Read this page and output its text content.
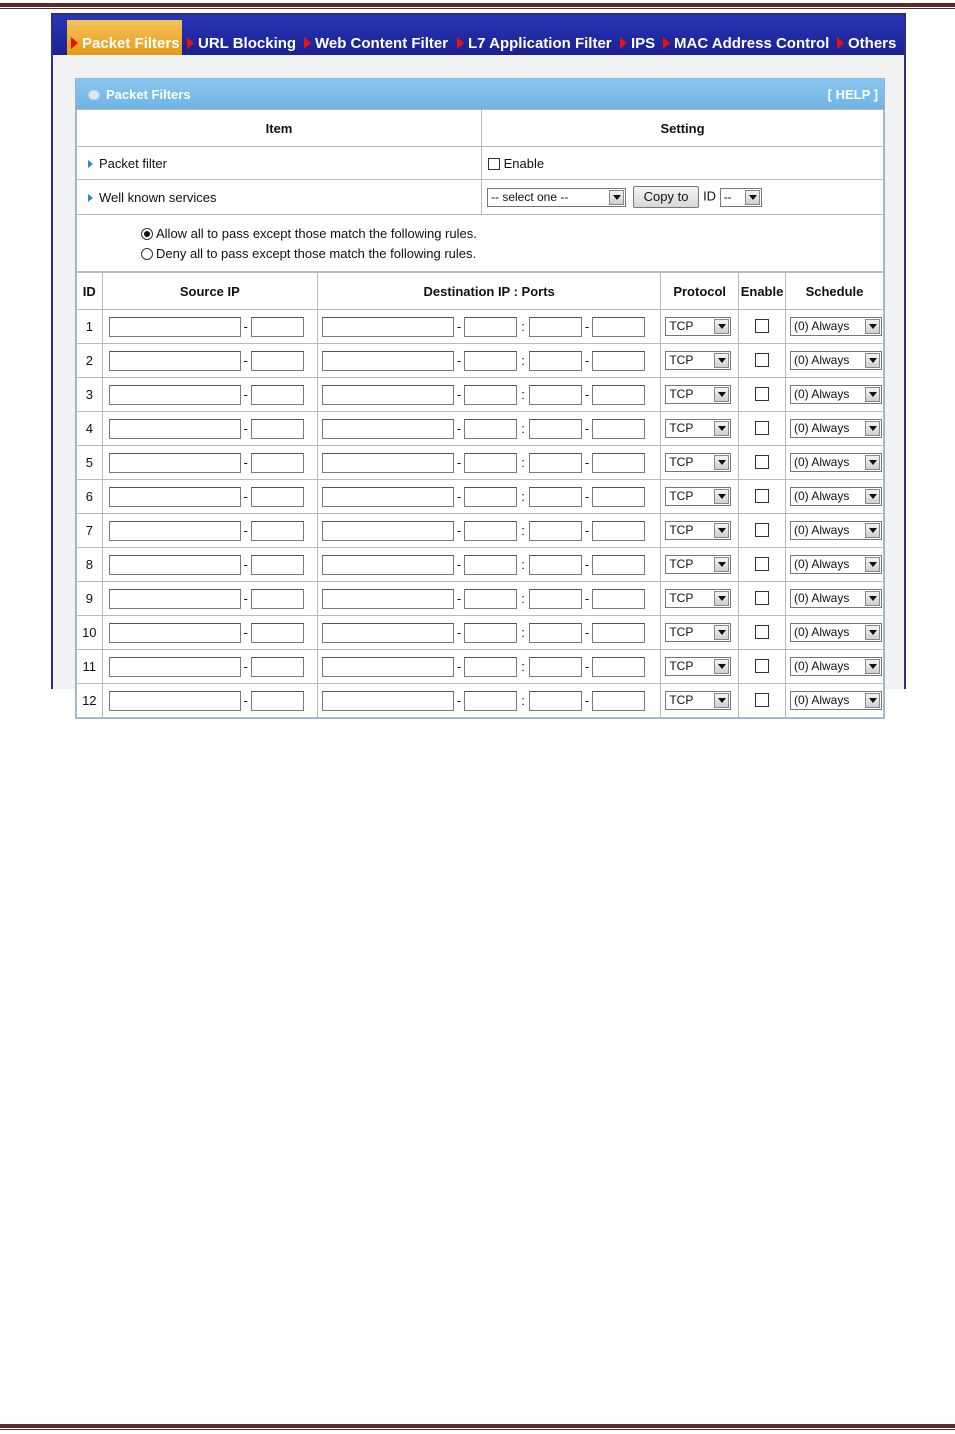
Packet Filters	URL Blocking	Web Content Filter	L7 Application Filter	IPS	MAC Address Control	Others
Packet Filters	[ HELP ]
Item	Setting
Packet filter	Enable
Well known services	-- select one -- Copy to ID --

Allow all to pass except those match the following rules.
Deny all to pass except those match the following rules.	
ID	Source IP	Destination IP : Ports	Protocol	Enable	Schedule
1	-	- : -	TCP		(0) Always

2	-	- : -	TCP		(0) Always

3	-	- : -	TCP		(0) Always

4	-	- : -	TCP		(0) Always

5	-	- : -	TCP		(0) Always

6	-	- : -	TCP		(0) Always

7	-	- : -	TCP		(0) Always

8	-	- : -	TCP		(0) Always

9	-	- : -	TCP		(0) Always

10	-	- : -	TCP		(0) Always

11	-	- : -	TCP		(0) Always

12	-	- : -	TCP		(0) Always
